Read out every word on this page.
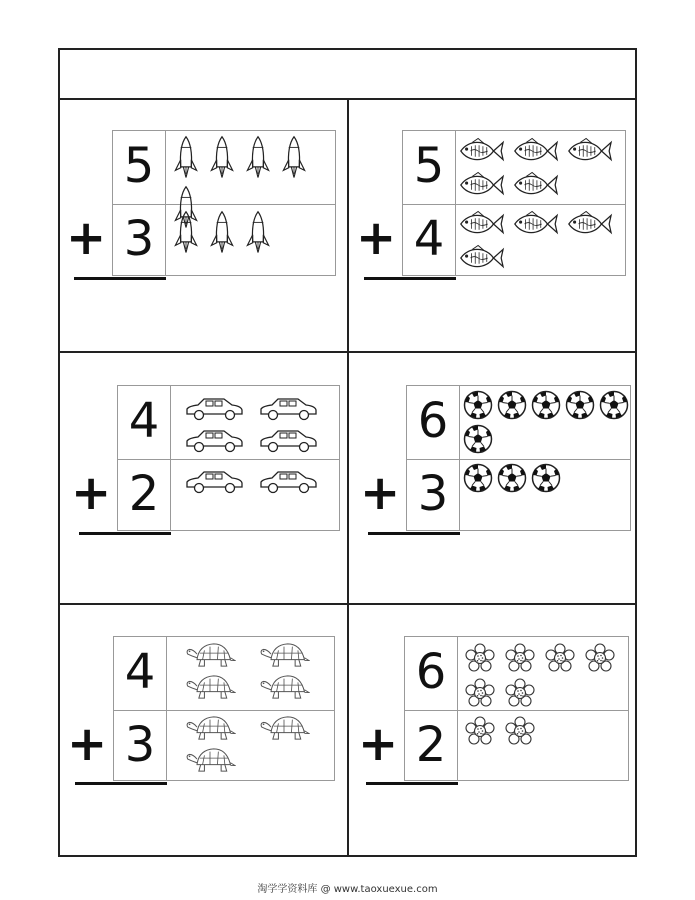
5
3
+
5
4
+
4
2
+
6
3
+
4
3
+
6
2
+
淘学学资料库 @ www.taoxuexue.com
